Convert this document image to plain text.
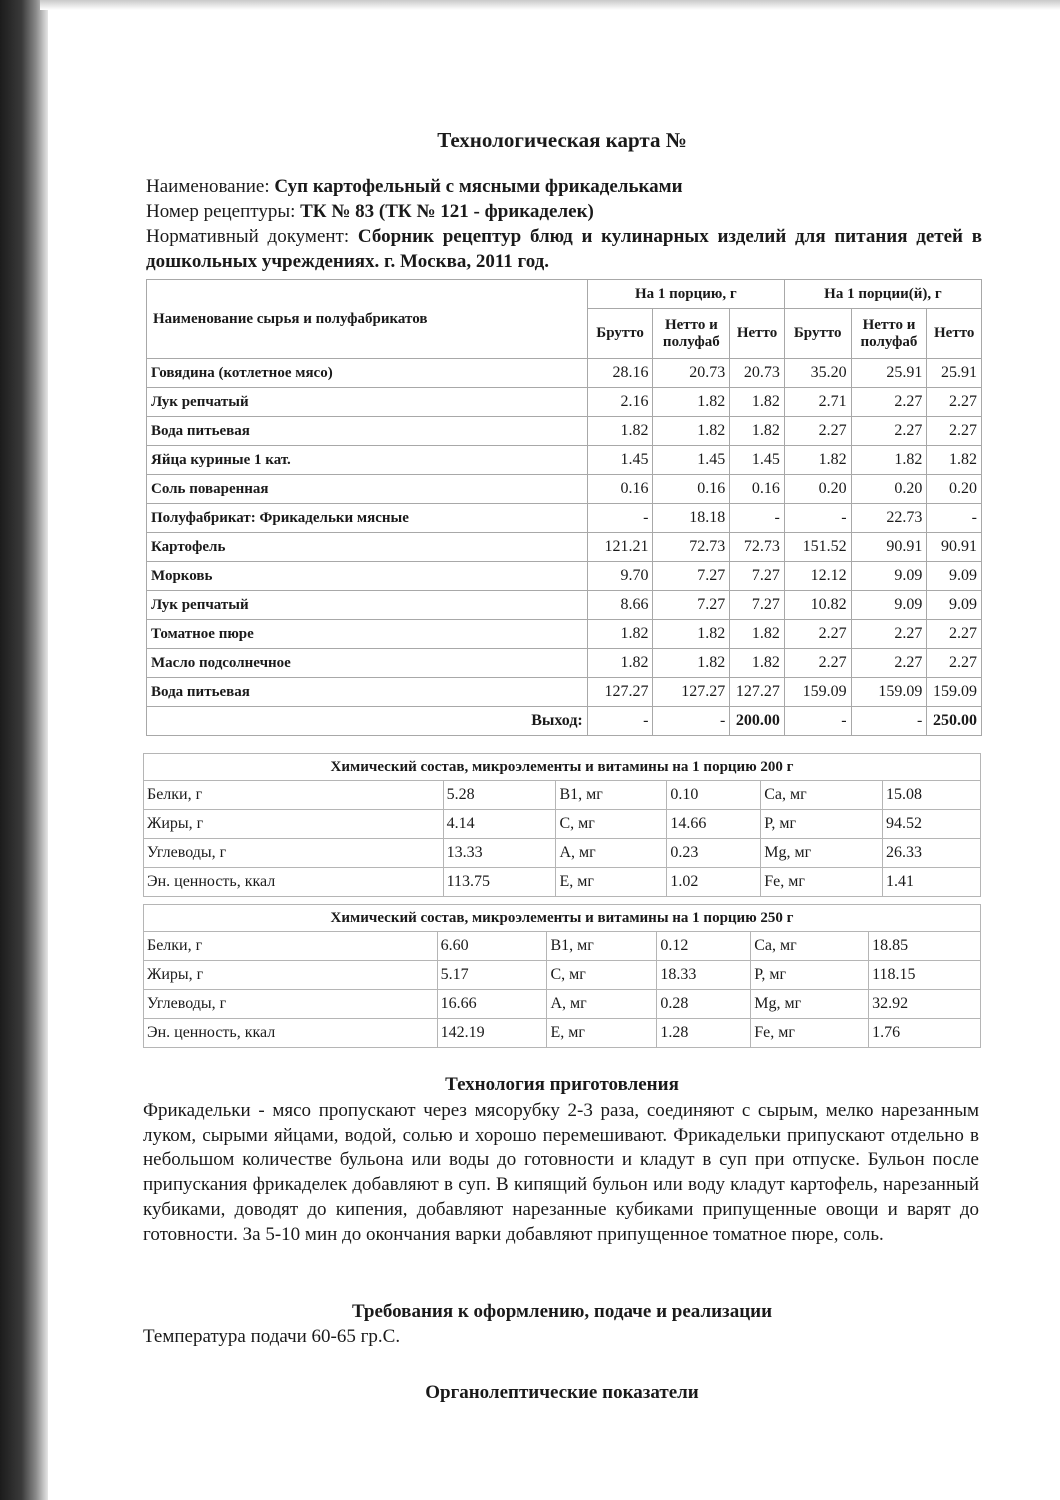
Технологическая карта №
Наименование: Суп картофельный с мясными фрикадельками
Номер рецептуры: ТК № 83 (ТК № 121 - фрикаделек)
Нормативный документ: Сборник рецептур блюд и кулинарных изделий для питания детей в дошкольных учреждениях. г. Москва, 2011 год.
Наименование сырья и полуфабрикатов	На 1 порцию, г			На 1 порции(й), г		
	Брутто	Нетто и полуфаб	Нетто	Брутто	Нетто и полуфаб	Нетто
Говядина (котлетное мясо)	28.16	20.73	20.73	35.20	25.91	25.91
Лук репчатый	2.16	1.82	1.82	2.71	2.27	2.27
Вода питьевая	1.82	1.82	1.82	2.27	2.27	2.27
Яйца куриные 1 кат.	1.45	1.45	1.45	1.82	1.82	1.82
Соль поваренная	0.16	0.16	0.16	0.20	0.20	0.20
Полуфабрикат: Фрикадельки мясные	-	18.18	-	-	22.73	-
Картофель	121.21	72.73	72.73	151.52	90.91	90.91
Морковь	9.70	7.27	7.27	12.12	9.09	9.09
Лук репчатый	8.66	7.27	7.27	10.82	9.09	9.09
Томатное пюре	1.82	1.82	1.82	2.27	2.27	2.27
Масло подсолнечное	1.82	1.82	1.82	2.27	2.27	2.27
Вода питьевая	127.27	127.27	127.27	159.09	159.09	159.09
Выход:	-	-	200.00	-	-	250.00
Химический состав, микроэлементы и витамины на 1 порцию 200 г					
Белки, г	5.28	B1, мг	0.10	Ca, мг	15.08
Жиры, г	4.14	C, мг	14.66	P, мг	94.52
Углеводы, г	13.33	A, мг	0.23	Mg, мг	26.33
Эн. ценность, ккал	113.75	E, мг	1.02	Fe, мг	1.41
Химический состав, микроэлементы и витамины на 1 порцию 250 г					
Белки, г	6.60	B1, мг	0.12	Ca, мг	18.85
Жиры, г	5.17	C, мг	18.33	P, мг	118.15
Углеводы, г	16.66	A, мг	0.28	Mg, мг	32.92
Эн. ценность, ккал	142.19	E, мг	1.28	Fe, мг	1.76
Технология приготовления
Фрикадельки - мясо пропускают через мясорубку 2-3 раза, соединяют с сырым, мелко нарезанным луком, сырыми яйцами, водой, солью и хорошо перемешивают. Фрикадельки припускают отдельно в небольшом количестве бульона или воды до готовности и кладут в суп при отпуске. Бульон после припускания фрикаделек добавляют в суп. В кипящий бульон или воду кладут картофель, нарезанный кубиками, доводят до кипения, добавляют нарезанные кубиками припущенные овощи и варят до готовности. За 5-10 мин до окончания варки добавляют припущенное томатное пюре, соль.
Требования к оформлению, подаче и реализации
Температура подачи 60-65 гр.С.
Органолептические показатели
